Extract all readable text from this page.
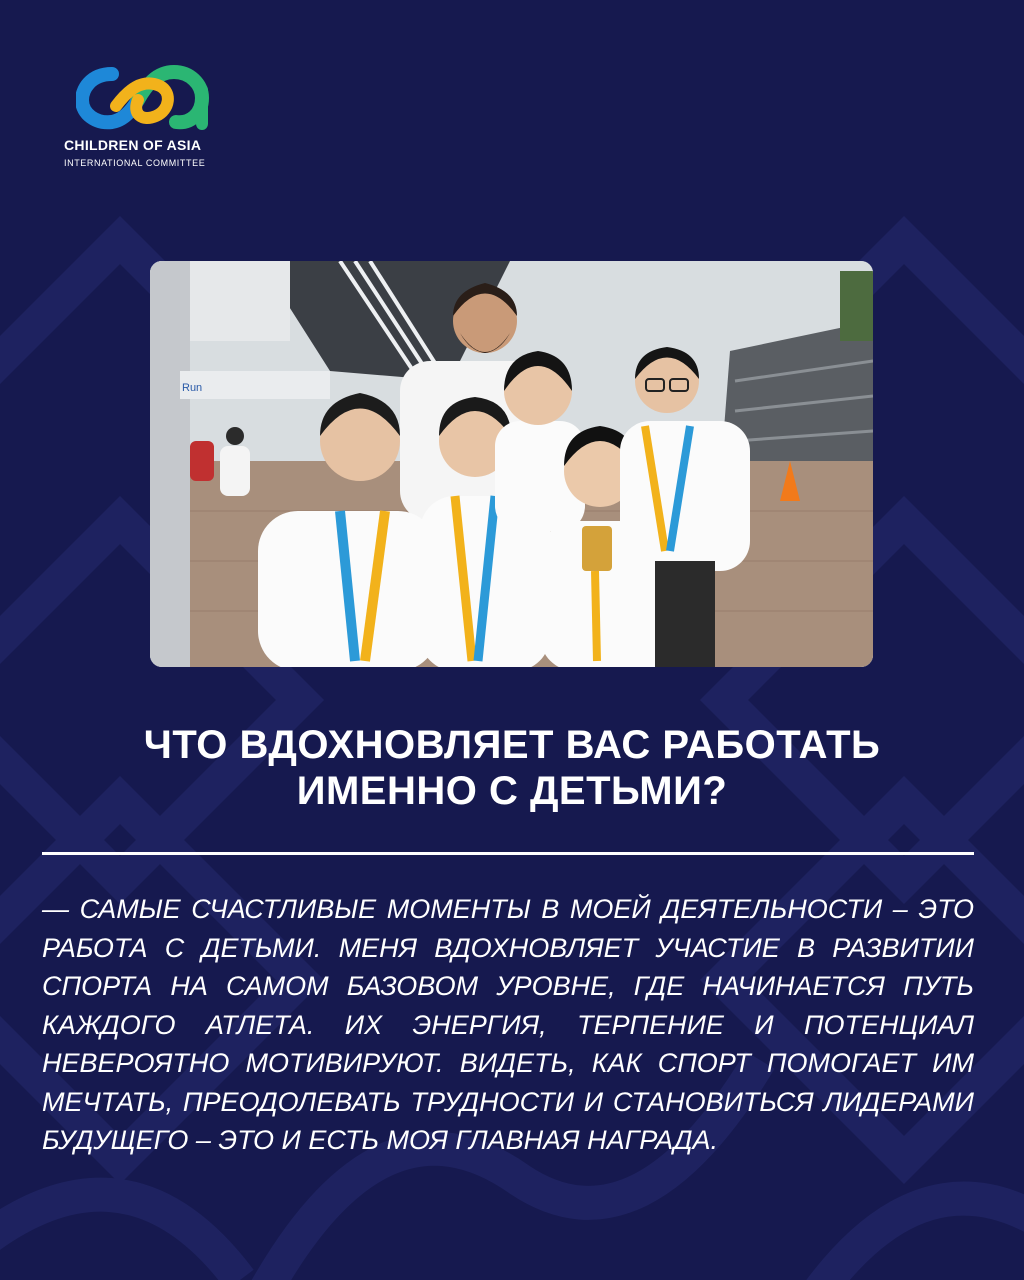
CHILDREN OF ASIA
INTERNATIONAL COMMITTEE
Run
ЧТО ВДОХНОВЛЯЕТ ВАС РАБОТАТЬ ИМЕННО С ДЕТЬМИ?
— САМЫЕ СЧАСТЛИВЫЕ МОМЕНТЫ В МОЕЙ ДЕЯТЕЛЬНОСТИ – ЭТО РАБОТА С ДЕТЬМИ. МЕНЯ ВДОХНОВЛЯЕТ УЧАСТИЕ В РАЗВИТИИ СПОРТА НА САМОМ БАЗОВОМ УРОВНЕ, ГДЕ НАЧИНАЕТСЯ ПУТЬ КАЖДОГО АТЛЕТА. ИХ ЭНЕРГИЯ, ТЕРПЕНИЕ И ПОТЕНЦИАЛ НЕВЕРОЯТНО МОТИВИРУЮТ. ВИДЕТЬ, КАК СПОРТ ПОМОГАЕТ ИМ МЕЧТАТЬ, ПРЕОДОЛЕВАТЬ ТРУДНОСТИ И СТАНОВИТЬСЯ ЛИДЕРАМИ БУДУЩЕГО – ЭТО И ЕСТЬ МОЯ ГЛАВНАЯ НАГРАДА.
